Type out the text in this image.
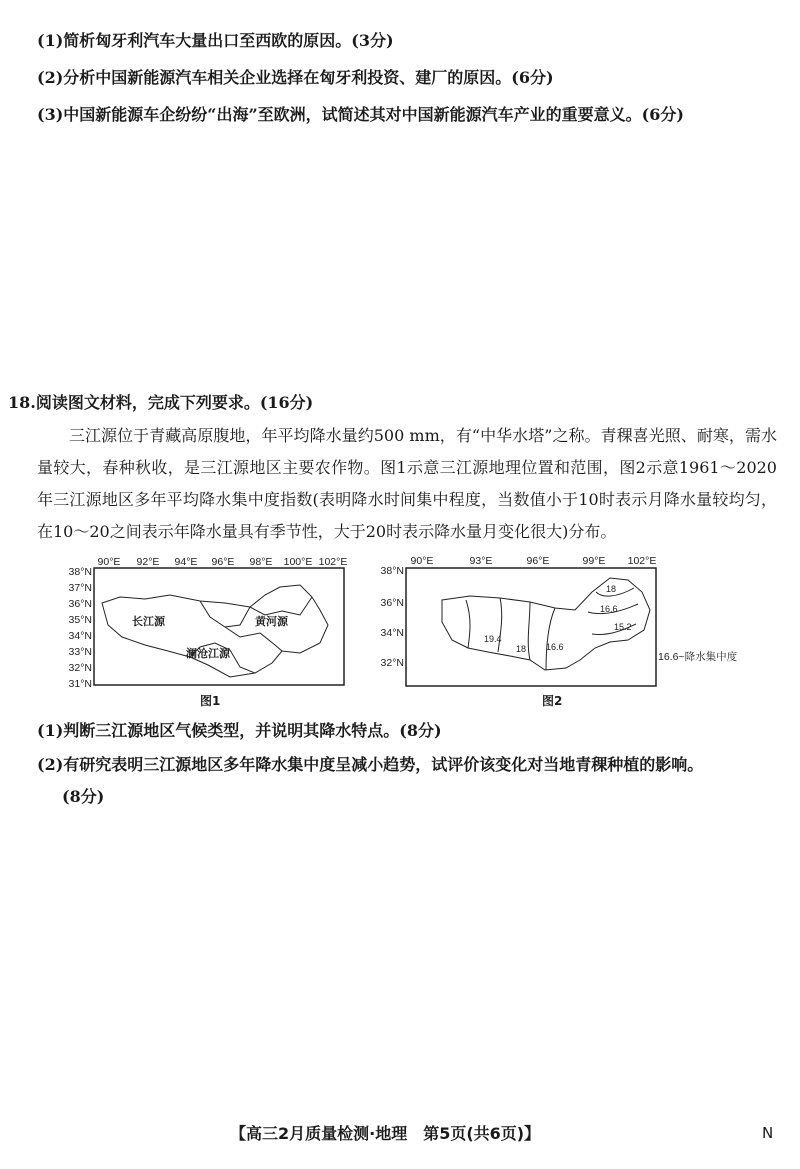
(1)简析匈牙利汽车大量出口至西欧的原因。(3分)
(2)分析中国新能源汽车相关企业选择在匈牙利投资、建厂的原因。(6分)
(3)中国新能源车企纷纷“出海”至欧洲，试简述其对中国新能源汽车产业的重要意义。(6分)
18.阅读图文材料，完成下列要求。(16分)

三江源位于青藏高原腹地，年平均降水量约500 mm，有“中华水塔”之称。青稞喜光照、耐寒，需水量较大，春种秋收，是三江源地区主要农作物。图1示意三江源地理位置和范围，图2示意1961～2020年三江源地区多年平均降水集中度指数(表明降水时间集中程度，当数值小于10时表示月降水量较均匀，在10～20之间表示年降水量具有季节性，大于20时表示降水量月变化很大)分布。

90°E 92°E 94°E 96°E 98°E 100°E 102°E
38°N
37°N
36°N
35°N
34°N
33°N
32°N
31°N
长江源	黄河源
澜沧江源
图1
90°E	93°E	96°E	99°E 102°E
38°N
36°N
34°N
32°N
18
16.6
15.2
19.4
16.6
18
16.6~降水集中度
图2
(1)判断三江源地区气候类型，并说明其降水特点。(8分)
(2)有研究表明三江源地区多年降水集中度呈减小趋势，试评价该变化对当地青稞种植的影响。
(8分)
【高三2月质量检测·地理　第5页(共6页)】	N
